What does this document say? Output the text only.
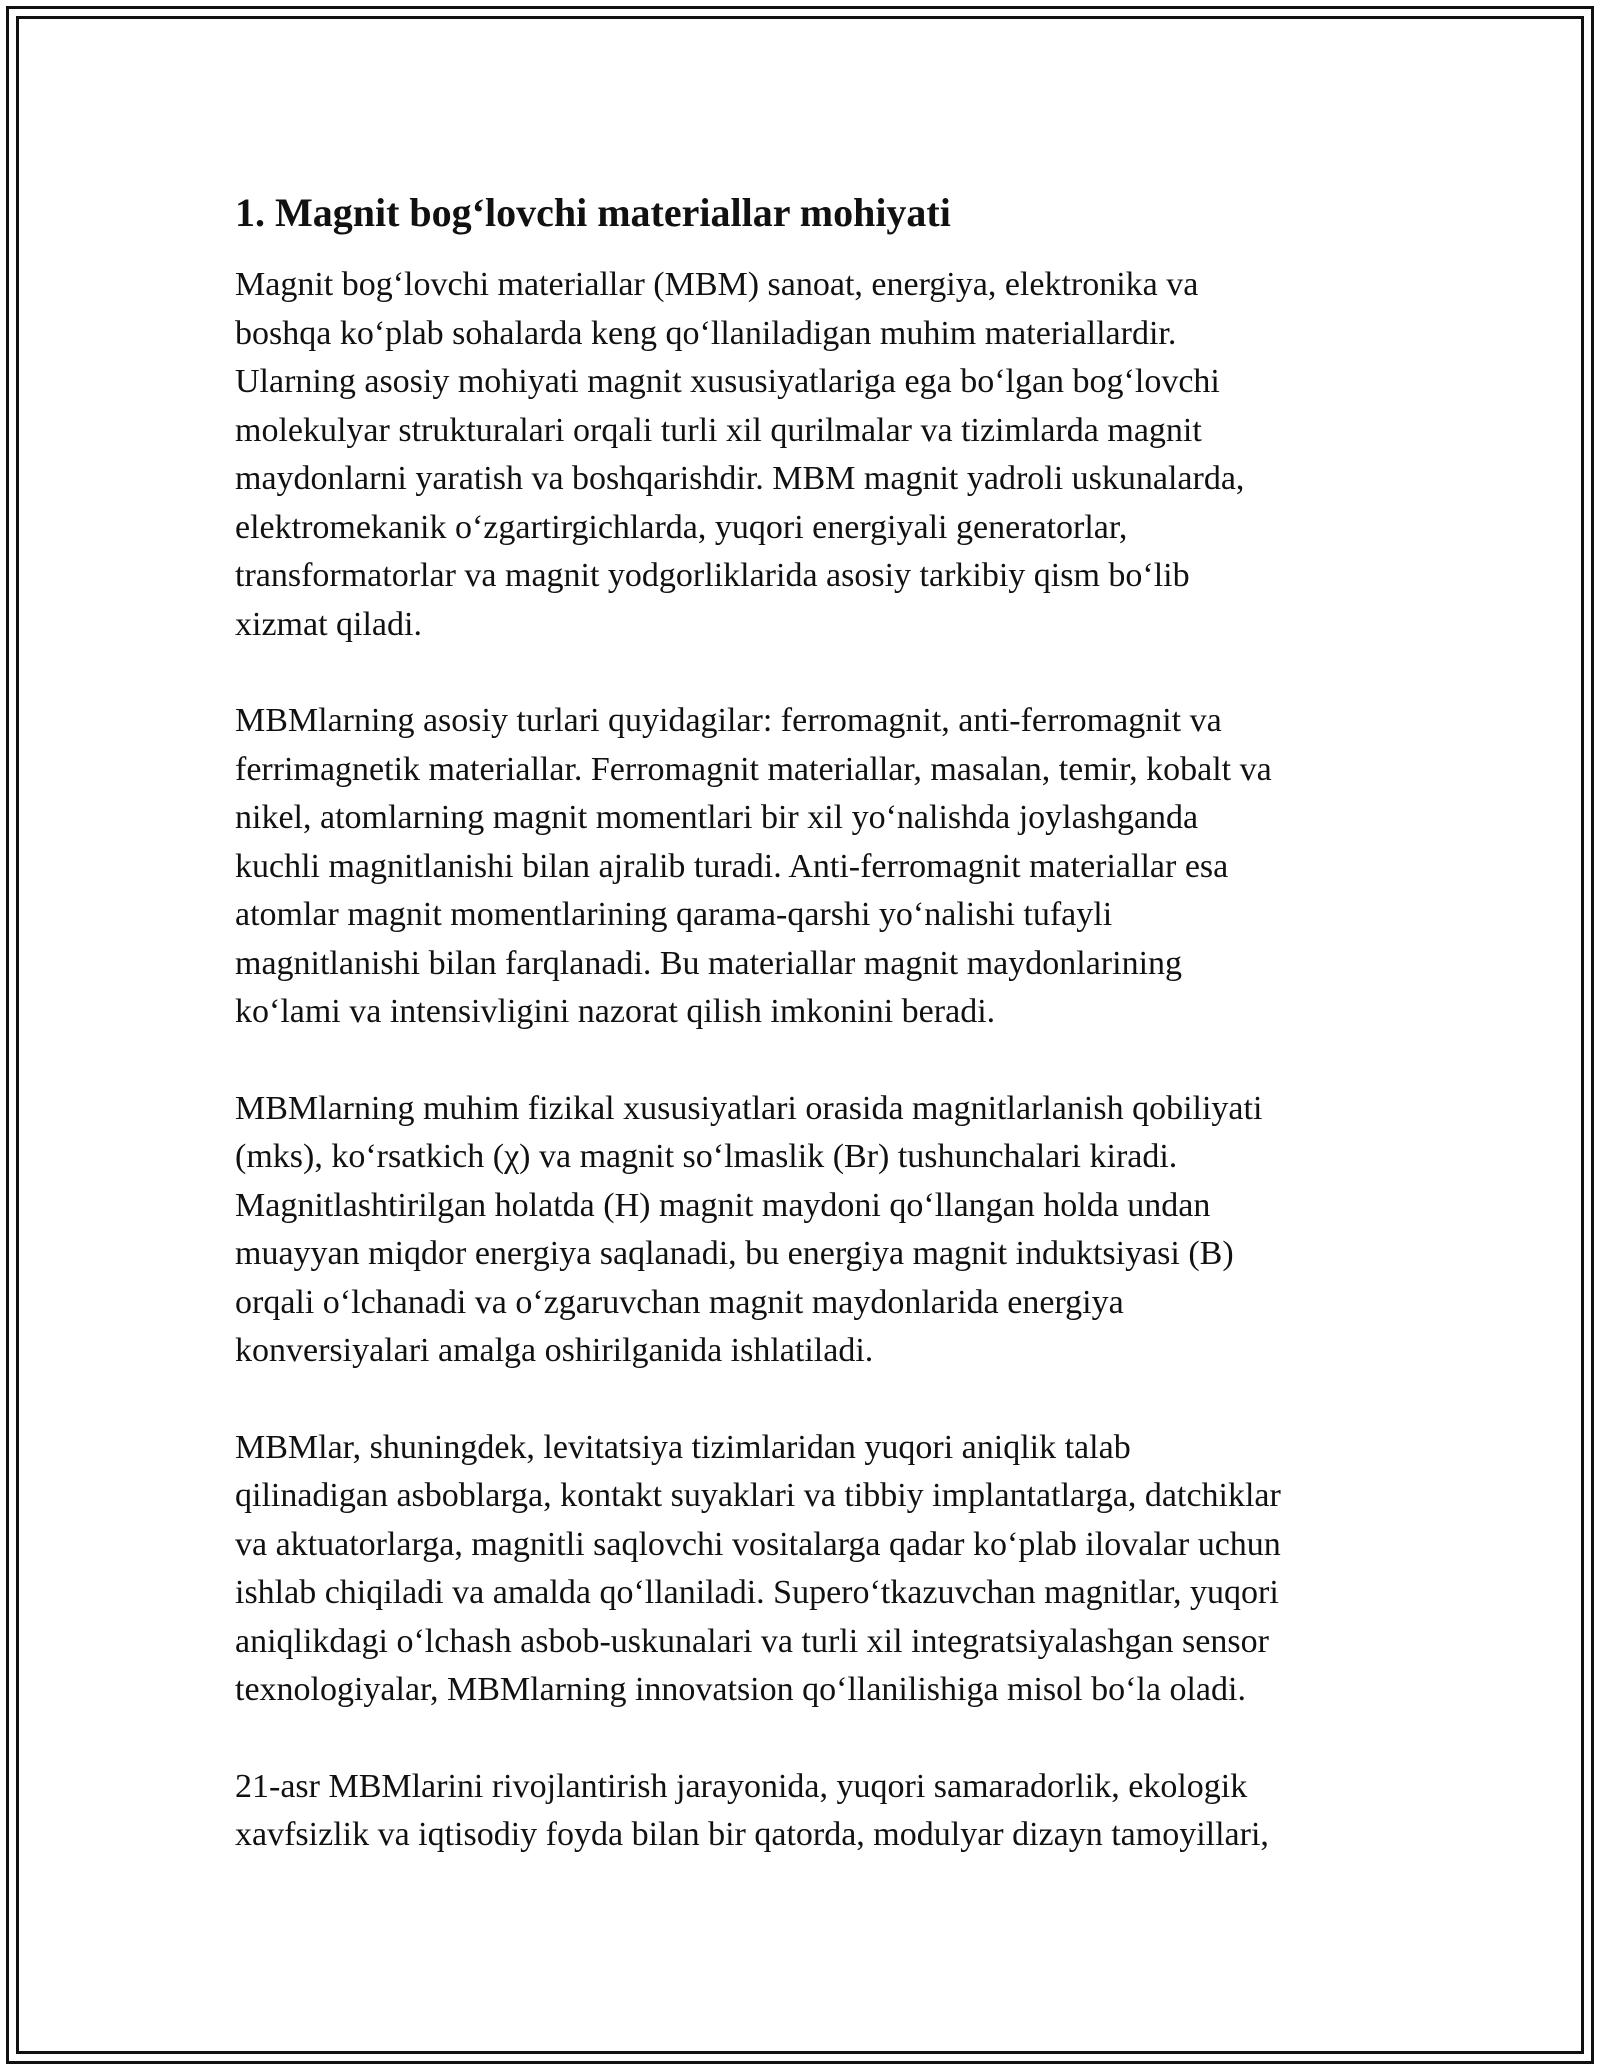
1. Magnit bog‘lovchi materiallar mohiyati

Magnit bog‘lovchi materiallar (MBM) sanoat, energiya, elektronika va
boshqa ko‘plab sohalarda keng qo‘llaniladigan muhim materiallardir.
Ularning asosiy mohiyati magnit xususiyatlariga ega bo‘lgan bog‘lovchi
molekulyar strukturalari orqali turli xil qurilmalar va tizimlarda magnit
maydonlarni yaratish va boshqarishdir. MBM magnit yadroli uskunalarda,
elektromekanik o‘zgartirgichlarda, yuqori energiyali generatorlar,
transformatorlar va magnit yodgorliklarida asosiy tarkibiy qism bo‘lib
xizmat qiladi.

MBMlarning asosiy turlari quyidagilar: ferromagnit, anti-ferromagnit va
ferrimagnetik materiallar. Ferromagnit materiallar, masalan, temir, kobalt va
nikel, atomlarning magnit momentlari bir xil yo‘nalishda joylashganda
kuchli magnitlanishi bilan ajralib turadi. Anti-ferromagnit materiallar esa
atomlar magnit momentlarining qarama-qarshi yo‘nalishi tufayli
magnitlanishi bilan farqlanadi. Bu materiallar magnit maydonlarining
ko‘lami va intensivligini nazorat qilish imkonini beradi.

MBMlarning muhim fizikal xususiyatlari orasida magnitlarlanish qobiliyati
(mks), ko‘rsatkich (χ) va magnit so‘lmaslik (Br) tushunchalari kiradi.
Magnitlashtirilgan holatda (H) magnit maydoni qo‘llangan holda undan
muayyan miqdor energiya saqlanadi, bu energiya magnit induktsiyasi (B)
orqali o‘lchanadi va o‘zgaruvchan magnit maydonlarida energiya
konversiyalari amalga oshirilganida ishlatiladi.

MBMlar, shuningdek, levitatsiya tizimlaridan yuqori aniqlik talab
qilinadigan asboblarga, kontakt suyaklari va tibbiy implantatlarga, datchiklar
va aktuatorlarga, magnitli saqlovchi vositalarga qadar ko‘plab ilovalar uchun
ishlab chiqiladi va amalda qo‘llaniladi. Supero‘tkazuvchan magnitlar, yuqori
aniqlikdagi o‘lchash asbob-uskunalari va turli xil integratsiyalashgan sensor
texnologiyalar, MBMlarning innovatsion qo‘llanilishiga misol bo‘la oladi.

21-asr MBMlarini rivojlantirish jarayonida, yuqori samaradorlik, ekologik
xavfsizlik va iqtisodiy foyda bilan bir qatorda, modulyar dizayn tamoyillari,
